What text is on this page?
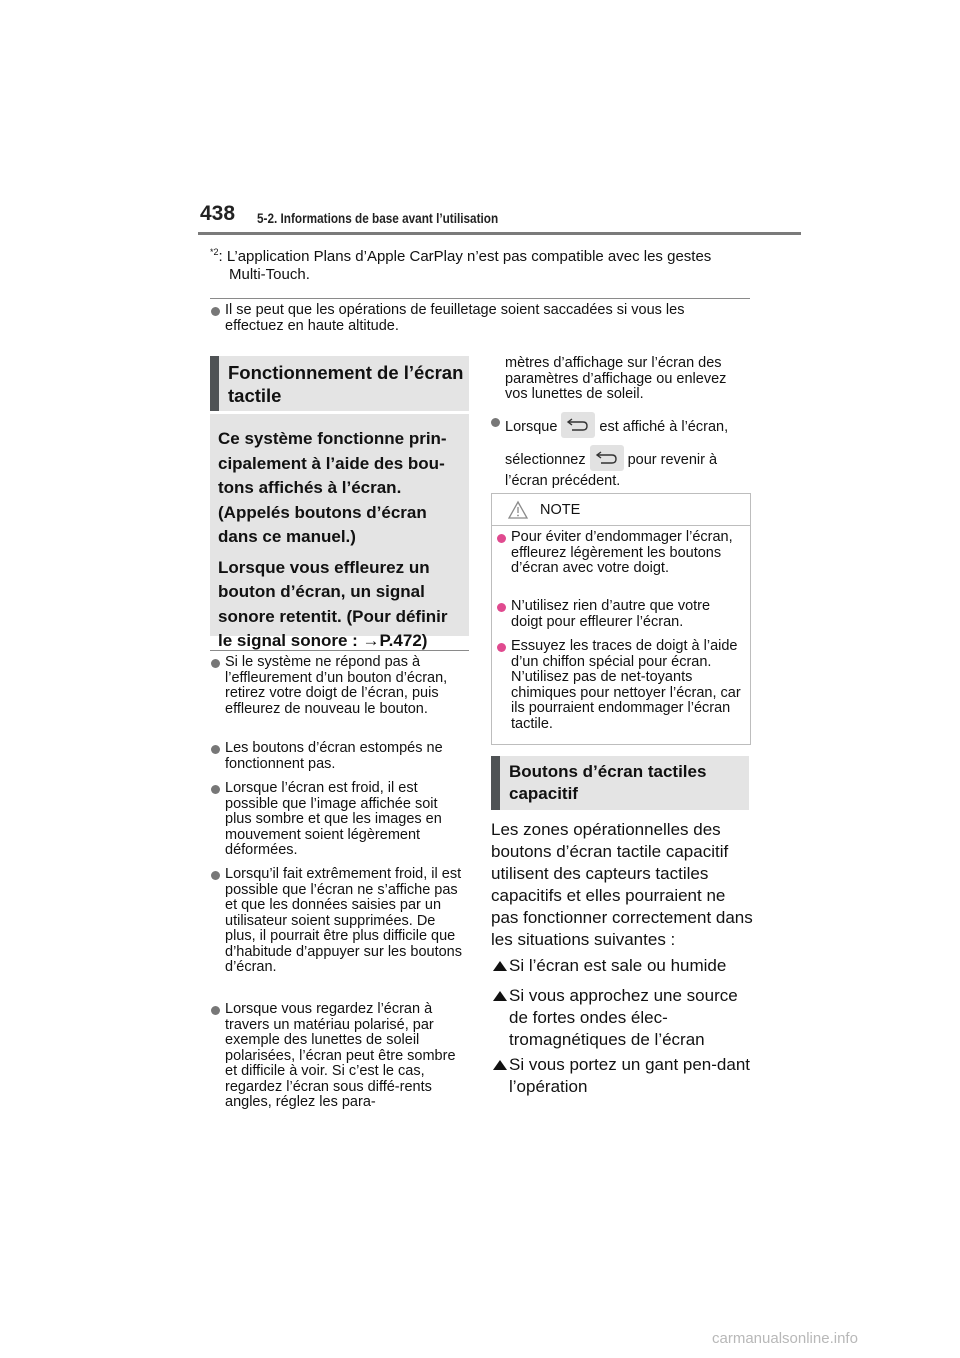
438 5-2. Informations de base avant l’utilisation
$^{*2}$: L’application Plans d’Apple CarPlay n’est pas compatible avec les gestes
Multi-Touch.
Il se peut que les opérations de feuilletage soient saccadées si vous les effectuez en haute altitude.
Fonctionnement de l’écran tactile
Ce système fonctionne prin-cipalement à l’aide des bou-tons affichés à l’écran. (Appelés boutons d’écran dans ce manuel.)
Lorsque vous effleurez un bouton d’écran, un signal sonore retentit. (Pour définir le signal sonore : →P.472)
Si le système ne répond pas à l’effleurement d’un bouton d’écran, retirez votre doigt de l’écran, puis effleurez de nouveau le bouton.
Les boutons d’écran estompés ne fonctionnent pas.
Lorsque l’écran est froid, il est possible que l’image affichée soit plus sombre et que les images en mouvement soient légèrement déformées.
Lorsqu’il fait extrêmement froid, il est possible que l’écran ne s’affiche pas et que les données saisies par un utilisateur soient supprimées. De plus, il pourrait être plus difficile que d’habitude d’appuyer sur les boutons d’écran.
Lorsque vous regardez l’écran à travers un matériau polarisé, par exemple des lunettes de soleil polarisées, l’écran peut être sombre et difficile à voir. Si c’est le cas, regardez l’écran sous diffé-rents angles, réglez les para-
mètres d’affichage sur l’écran des paramètres d’affichage ou enlevez vos lunettes de soleil.
Lorsque	est affiché à l’écran,
sélectionnez	pour revenir à
l’écran précédent.
NOTE
Pour éviter d’endommager l’écran, effleurez légèrement les boutons d’écran avec votre doigt.
N’utilisez rien d’autre que votre doigt pour effleurer l’écran.
Essuyez les traces de doigt à l’aide d’un chiffon spécial pour écran. N’utilisez pas de net-toyants chimiques pour nettoyer l’écran, car ils pourraient endommager l’écran tactile.
Boutons d’écran tactiles capacitif
Les zones opérationnelles des boutons d’écran tactile capacitif utilisent des capteurs tactiles capacitifs et elles pourraient ne pas fonctionner correctement dans les situations suivantes :
Si l’écran est sale ou humide
Si vous approchez une source de fortes ondes élec-tromagnétiques de l’écran
Si vous portez un gant pen-dant l’opération
carmanualsonline.info
